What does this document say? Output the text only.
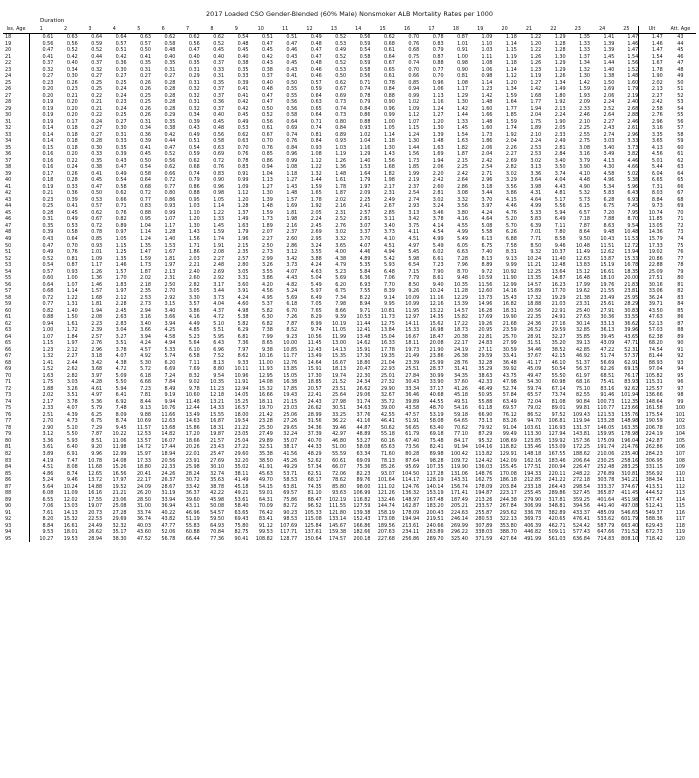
2017 Loaded CSO Gender-Blended (60% Male) Nonsmoker ALB Mortality Rates per 1000
Duration
Iss. Age	1	2	3	4	5	6	7	8	9	10	11	12	13	14	15	16	17	18	19	20	21	22	23	24	25	Ult	Att. Age
18	0.61	0.63	0.64	0.64	0.63	0.62	0.62	0.62	0.54	0.51	0.51	0.49	0.52	0.56	0.62	0.70	0.78	0.87	1.09	1.18	1.22	1.29	1.35	1.41	1.47	1.47	43
19	0.56	0.56	0.59	0.57	0.57	0.58	0.56	0.52	0.48	0.47	0.47	0.48	0.53	0.59	0.68	0.76	0.83	1.01	1.10	1.14	1.20	1.28	1.33	1.39	1.46	1.46	44
20	0.47	0.52	0.52	0.51	0.50	0.48	0.47	0.45	0.45	0.45	0.46	0.47	0.49	0.54	0.61	0.68	0.79	0.91	1.03	1.15	1.22	1.28	1.33	1.39	1.47	1.47	45
21	0.41	0.42	0.44	0.42	0.41	0.40	0.40	0.40	0.40	0.42	0.43	0.47	0.52	0.58	0.64	0.75	0.87	1.00	1.11	1.19	1.26	1.30	1.37	1.45	1.54	1.54	46
22	0.37	0.40	0.37	0.36	0.35	0.35	0.35	0.37	0.38	0.43	0.45	0.48	0.52	0.59	0.67	0.74	0.88	0.98	1.08	1.18	1.26	1.29	1.34	1.44	1.56	1.67	47
23	0.32	0.34	0.32	0.30	0.31	0.31	0.31	0.33	0.35	0.38	0.43	0.46	0.53	0.58	0.65	0.70	0.77	0.90	1.06	1.14	1.23	1.29	1.32	1.40	1.52	1.78	48
24	0.27	0.30	0.27	0.27	0.27	0.27	0.29	0.31	0.33	0.37	0.41	0.46	0.50	0.56	0.61	0.66	0.70	0.81	0.98	1.12	1.19	1.26	1.30	1.38	1.48	1.90	49
25	0.23	0.26	0.25	0.25	0.26	0.28	0.31	0.35	0.39	0.40	0.50	0.57	0.62	0.71	0.78	0.85	0.96	1.08	1.14	1.20	1.27	1.34	1.42	1.50	1.60	2.02	50
26	0.20	0.23	0.25	0.24	0.26	0.28	0.32	0.37	0.41	0.48	0.55	0.59	0.67	0.74	0.84	0.94	1.06	1.17	1.23	1.34	1.42	1.49	1.59	1.69	1.79	2.13	51
27	0.20	0.21	0.22	0.24	0.25	0.28	0.32	0.37	0.41	0.47	0.55	0.64	0.69	0.78	0.88	0.99	1.13	1.29	1.42	1.59	1.68	1.80	1.93	2.06	2.19	2.27	52
28	0.19	0.20	0.21	0.23	0.25	0.28	0.31	0.36	0.42	0.47	0.56	0.63	0.73	0.79	0.90	1.02	1.16	1.30	1.48	1.64	1.77	1.92	2.09	2.24	2.40	2.42	53
29	0.19	0.20	0.21	0.24	0.26	0.28	0.32	0.37	0.42	0.50	0.56	0.65	0.74	0.84	0.96	1.09	1.24	1.42	1.60	1.77	1.94	2.13	2.33	2.52	2.68	2.58	54
30	0.19	0.20	0.22	0.25	0.26	0.29	0.34	0.40	0.45	0.52	0.58	0.64	0.73	0.86	0.99	1.12	1.27	1.44	1.66	1.85	2.04	2.24	2.46	2.64	2.88	2.76	55
31	0.19	0.17	0.24	0.27	0.31	0.35	0.39	0.45	0.49	0.56	0.64	0.71	0.80	0.88	1.00	1.07	1.20	1.33	1.48	1.59	1.75	1.90	2.10	2.27	2.46	2.96	56
32	0.14	0.18	0.27	0.30	0.34	0.38	0.43	0.48	0.53	0.61	0.69	0.74	0.84	0.93	1.05	1.15	1.30	1.45	1.60	1.74	1.89	2.05	2.25	2.43	2.61	3.16	57
33	0.14	0.18	0.27	0.31	0.36	0.42	0.49	0.56	0.62	0.67	0.74	0.81	0.89	1.02	1.14	1.24	1.39	1.54	1.73	1.92	2.10	2.33	2.55	2.74	2.96	3.35	58
34	0.14	0.18	0.28	0.33	0.39	0.44	0.51	0.58	0.63	0.70	0.76	0.84	0.93	1.04	1.18	1.30	1.48	1.63	1.86	2.04	2.24	2.49	2.75	3.03	3.33	3.65	59
35	0.15	0.18	0.30	0.35	0.41	0.47	0.54	0.63	0.70	0.76	0.84	0.93	1.03	1.16	1.30	1.44	1.63	1.82	2.06	2.26	2.53	2.81	3.08	3.40	3.73	4.13	60
36	0.16	0.20	0.33	0.39	0.45	0.52	0.59	0.69	0.76	0.85	0.96	1.08	1.19	1.29	1.43	1.56	1.69	1.87	2.04	2.27	2.53	2.84	3.16	3.49	3.82	4.56	61
37	0.16	0.22	0.35	0.43	0.50	0.56	0.62	0.72	0.78	0.86	0.99	1.12	1.26	1.40	1.56	1.73	1.94	2.15	2.42	2.69	3.02	3.40	3.79	4.13	4.46	5.01	62
38	0.16	0.24	0.38	0.47	0.54	0.62	0.68	0.76	0.83	0.94	1.08	1.22	1.36	1.53	1.68	1.85	2.06	2.25	2.54	2.82	3.13	3.50	3.90	4.30	4.66	5.44	63
39	0.17	0.26	0.41	0.49	0.58	0.66	0.74	0.83	0.91	1.04	1.18	1.32	1.48	1.64	1.82	1.99	2.20	2.42	2.71	3.02	3.36	3.74	4.10	4.58	5.02	6.04	64
40	0.18	0.28	0.45	0.54	0.64	0.72	0.79	0.90	0.99	1.13	1.27	1.44	1.61	1.79	1.98	2.19	2.42	2.64	2.96	3.29	3.64	4.04	4.48	4.96	5.38	6.65	65
41	0.19	0.33	0.47	0.58	0.68	0.77	0.86	0.96	1.09	1.27	1.43	1.59	1.78	1.97	2.17	2.37	2.60	2.86	3.18	3.56	3.98	4.43	4.90	5.34	5.96	7.31	66
42	0.21	0.36	0.50	0.62	0.72	0.80	0.88	0.98	1.12	1.30	1.48	1.65	1.87	2.09	2.31	2.54	2.81	3.08	3.44	3.86	4.31	4.81	5.32	5.83	6.43	8.03	67
43	0.23	0.39	0.53	0.66	0.77	0.86	0.95	1.05	1.20	1.39	1.57	1.78	2.02	2.25	2.49	2.74	3.02	3.32	3.70	4.15	4.64	5.17	5.73	6.28	6.93	8.84	68
44	0.25	0.41	0.57	0.71	0.83	0.93	1.03	1.14	1.28	1.48	1.69	1.92	2.16	2.41	2.67	2.93	3.24	3.56	3.97	4.46	4.99	5.56	6.15	6.75	7.45	9.73	69
45	0.28	0.45	0.62	0.76	0.88	0.99	1.10	1.22	1.37	1.59	1.81	2.05	2.31	2.57	2.85	3.13	3.46	3.80	4.24	4.76	5.33	5.94	6.57	7.20	7.95	10.74	70
46	0.31	0.49	0.67	0.82	0.95	1.07	1.20	1.33	1.49	1.73	1.98	2.24	2.52	2.81	3.11	3.42	3.78	4.16	4.64	5.20	5.83	6.49	7.18	7.88	8.70	11.85	71
47	0.35	0.53	0.72	0.89	1.04	1.17	1.30	1.45	1.63	1.89	2.16	2.45	2.76	3.07	3.40	3.75	4.14	4.55	5.08	5.70	6.39	7.11	7.87	8.63	9.54	13.05	72
48	0.39	0.58	0.78	0.97	1.14	1.28	1.43	1.59	1.79	2.07	2.37	2.69	3.02	3.37	3.73	4.11	4.54	4.99	5.58	6.26	7.01	7.80	8.64	9.48	10.48	14.36	73
49	0.43	0.64	0.85	1.05	1.24	1.40	1.56	1.74	1.96	2.27	2.60	2.95	3.32	3.70	4.10	4.51	4.99	5.49	6.13	6.88	7.71	8.58	9.50	10.43	11.53	15.79	74
50	0.47	0.70	0.93	1.15	1.35	1.53	1.71	1.91	2.15	2.50	2.86	3.24	3.65	4.07	4.51	4.97	5.49	6.05	6.75	7.58	8.50	9.46	10.48	11.51	12.72	17.33	75
51	0.49	0.76	1.01	1.25	1.47	1.67	1.86	2.08	2.35	2.73	3.12	3.55	4.00	4.46	4.94	5.45	6.02	6.63	7.40	8.31	9.32	10.37	11.49	12.62	13.94	19.02	76
52	0.52	0.81	1.09	1.35	1.59	1.81	2.03	2.27	2.57	2.99	3.42	3.88	4.38	4.89	5.42	5.98	6.61	7.28	8.13	9.13	10.24	11.40	12.63	13.87	15.33	20.86	77
53	0.54	0.87	1.17	1.46	1.73	1.97	2.21	2.48	2.80	3.26	3.73	4.24	4.79	5.35	5.93	6.54	7.23	7.96	8.89	9.99	11.21	12.48	13.83	15.19	16.78	22.88	78
54	0.57	0.93	1.26	1.57	1.87	2.13	2.40	2.69	3.05	3.55	4.07	4.63	5.23	5.84	6.48	7.15	7.90	8.70	9.72	10.92	12.25	13.64	15.12	16.61	18.35	25.09	79
55	0.60	1.00	1.36	1.70	2.02	2.31	2.60	2.92	3.31	3.86	4.43	5.04	5.69	6.36	7.06	7.79	8.61	9.48	10.59	11.90	13.35	14.87	16.48	18.10	20.00	27.51	80
56	0.64	1.07	1.46	1.83	2.18	2.50	2.82	3.17	3.60	4.20	4.82	5.49	6.20	6.93	7.70	8.50	9.40	10.35	11.56	12.99	14.57	16.23	17.99	19.76	21.83	30.16	81
57	0.68	1.14	1.57	1.97	2.35	2.70	3.05	3.44	3.91	4.56	5.24	5.97	6.75	7.55	8.39	9.26	10.24	11.28	12.60	14.16	15.89	17.70	19.62	21.55	23.81	33.06	82
58	0.72	1.22	1.68	2.12	2.53	2.92	3.30	3.73	4.24	4.95	5.69	6.49	7.34	8.22	9.14	10.09	11.16	12.29	13.73	15.43	17.32	19.29	21.38	23.49	25.95	36.24	83
59	0.77	1.31	1.81	2.28	2.73	3.15	3.57	4.04	4.60	5.37	6.18	7.05	7.98	8.94	9.95	10.99	12.16	13.39	14.96	16.82	18.88	21.03	23.31	25.61	28.29	39.71	84
60	0.82	1.40	1.94	2.45	2.94	3.40	3.86	4.37	4.98	5.82	6.70	7.65	8.66	9.71	10.81	11.95	13.22	14.57	16.28	18.31	20.56	22.91	25.40	27.91	30.83	43.50	85
61	0.88	1.50	2.08	2.63	3.16	3.66	4.16	4.72	5.38	6.30	7.26	8.29	9.39	10.53	11.73	12.97	14.35	15.82	17.69	19.90	22.35	24.91	27.63	30.36	33.55	47.63	86
62	0.94	1.61	2.23	2.83	3.40	3.94	4.49	5.10	5.82	6.82	7.87	8.99	10.19	11.44	12.75	14.11	15.62	17.22	19.26	21.68	24.36	27.16	30.14	33.13	36.62	52.13	87
63	1.00	1.72	2.39	3.04	3.66	4.25	4.85	5.51	6.29	7.38	8.52	9.74	11.05	12.41	13.84	15.33	16.98	18.73	20.95	23.59	26.52	29.59	32.85	36.13	39.96	57.03	88
64	1.07	1.84	2.57	3.27	3.94	4.58	5.23	5.95	6.81	7.99	9.23	10.56	11.99	13.48	15.04	16.67	18.47	20.38	22.81	25.70	28.91	32.27	35.85	39.45	43.65	62.38	89
65	1.15	1.97	2.76	3.51	4.24	4.94	5.64	6.43	7.36	8.65	10.00	11.45	13.00	14.62	16.33	18.11	20.08	22.17	24.83	27.99	31.51	35.20	39.13	43.09	47.71	68.20	90
66	1.23	2.12	2.96	3.78	4.57	5.33	6.10	6.96	7.97	9.38	10.85	12.43	14.13	15.91	17.78	19.73	21.90	24.19	27.11	30.59	34.46	38.52	42.85	47.22	52.31	74.54	91
67	1.32	2.27	3.18	4.07	4.92	5.74	6.58	7.52	8.62	10.16	11.77	13.49	15.35	17.30	19.35	21.49	23.86	26.38	29.59	33.41	37.67	42.15	46.92	51.74	57.37	81.44	92
68	1.41	2.44	3.42	4.38	5.30	6.20	7.11	8.13	9.33	11.00	12.76	14.64	16.67	18.80	21.04	23.39	25.99	28.76	32.28	36.48	41.17	46.10	51.37	56.69	62.91	88.93	93
69	1.52	2.62	3.68	4.72	5.72	6.69	7.69	8.80	10.11	11.93	13.85	15.91	18.13	20.47	22.93	25.51	28.37	31.41	35.29	39.92	45.09	50.54	56.37	62.26	69.15	97.04	94
70	1.63	2.82	3.97	5.09	6.18	7.24	8.32	9.54	10.96	12.95	15.05	17.30	19.74	22.30	25.01	27.84	30.99	34.35	38.63	43.75	49.47	55.50	61.97	68.51	76.17	105.82	95
71	1.75	3.03	4.28	5.50	6.68	7.84	9.02	10.35	11.91	14.08	16.38	18.85	21.52	24.34	27.32	30.43	33.90	37.60	42.33	47.98	54.30	60.98	68.16	75.41	83.93	115.31	96
72	1.88	3.26	4.61	5.94	7.23	8.49	9.78	11.23	12.94	15.32	17.85	20.57	23.51	26.62	29.90	33.34	37.17	41.26	46.49	52.74	59.74	67.14	75.10	83.16	92.62	125.57	97
73	2.02	3.51	4.97	6.41	7.81	9.19	10.60	12.18	14.05	16.66	19.43	22.41	25.64	29.06	32.67	36.46	40.68	45.18	50.95	57.84	65.57	73.74	82.55	91.46	101.94	136.66	98
74	2.17	3.78	5.36	6.92	8.44	9.94	11.48	13.21	15.25	18.11	21.15	24.43	27.98	31.74	35.72	39.89	44.55	49.51	55.88	63.49	72.04	81.08	90.84	100.73	112.35	148.64	99
75	2.33	4.07	5.79	7.48	9.13	10.76	12.44	14.33	16.57	19.70	23.03	26.62	30.51	34.63	39.00	43.58	48.70	54.16	61.18	69.57	79.02	89.01	99.81	110.77	123.66	161.58	100
76	2.51	4.39	6.25	8.09	9.88	11.66	13.49	15.55	18.00	21.42	25.06	28.99	33.25	37.76	42.55	47.57	53.19	59.18	66.90	76.12	86.52	97.52	109.43	121.53	135.76	175.54	101
77	2.70	4.73	6.75	8.74	10.69	12.63	14.63	16.87	19.54	23.28	27.26	31.56	36.22	41.16	46.41	51.91	58.08	64.65	73.13	83.26	94.70	106.81	119.94	133.28	148.98	190.59	102
78	2.90	5.10	7.29	9.45	11.57	13.68	15.86	18.31	21.22	25.30	29.65	34.36	39.46	44.87	50.62	56.65	63.40	70.62	79.92	91.04	103.61	116.93	131.37	146.05	163.35	206.78	103
79	3.12	5.50	7.87	10.22	12.53	14.82	17.20	19.87	23.05	27.49	32.24	37.39	42.97	48.89	55.18	61.79	69.18	77.10	87.29	99.49	113.30	127.94	143.81	159.95	178.98	224.19	104
80	3.36	5.93	8.51	11.06	13.57	16.07	18.66	21.57	25.04	29.89	35.07	40.70	46.80	53.27	60.16	67.40	75.48	84.17	95.32	108.69	123.85	139.92	157.36	175.09	196.04	242.87	105
81	3.61	6.40	9.20	11.98	14.72	17.44	20.26	23.43	27.22	32.51	38.17	44.33	51.00	58.08	65.63	73.56	82.41	91.94	104.16	118.82	135.46	153.09	172.25	191.74	214.76	262.86	106
82	3.89	6.91	9.96	12.99	15.97	18.94	22.01	25.47	29.60	35.38	41.56	48.29	55.59	63.34	71.60	80.28	89.98	100.42	113.82	129.91	148.18	167.55	188.62	210.06	235.40	284.23	107
83	4.19	7.47	10.78	14.08	17.33	20.56	23.91	27.69	32.20	38.50	45.26	52.62	60.61	69.09	78.13	87.64	98.28	109.72	124.42	142.09	162.16	183.46	206.64	230.25	258.16	306.95	108
84	4.51	8.08	11.68	15.26	18.80	22.33	25.98	30.10	35.02	41.91	49.29	57.34	66.07	75.36	85.26	95.69	107.35	119.90	136.03	155.45	177.51	200.94	226.47	252.48	283.25	331.15	109
85	4.86	8.74	12.65	16.56	20.41	24.26	28.24	32.74	38.11	45.63	53.71	62.51	72.06	82.23	93.07	104.50	117.28	131.06	148.76	170.08	194.33	220.11	248.22	276.89	310.81	356.92	110
86	5.24	9.46	13.72	17.97	22.17	26.37	30.72	35.63	41.49	49.70	58.53	68.17	78.62	89.76	101.64	114.17	128.19	143.31	162.75	186.18	212.85	241.22	272.18	303.78	341.21	384.34	111
87	5.64	10.24	14.88	19.52	24.09	28.67	33.42	38.78	45.18	54.15	63.81	74.35	85.80	98.00	111.02	124.76	140.14	156.74	178.09	203.84	233.18	264.43	298.54	333.37	374.67	413.51	112
88	6.08	11.09	16.16	21.21	26.20	31.19	36.37	42.22	49.21	59.01	69.57	81.10	93.63	106.99	121.26	136.32	153.19	171.41	194.87	223.17	255.45	289.86	327.45	365.87	411.45	444.52	113
89	6.55	12.02	17.55	23.06	28.50	33.94	39.60	45.98	53.61	64.31	75.86	88.47	102.19	116.82	132.46	148.97	167.48	187.49	213.26	244.38	279.90	317.81	359.25	401.64	451.98	477.47	114
90	7.06	13.03	19.07	25.08	31.00	36.94	43.11	50.08	58.40	70.09	82.72	96.52	111.55	127.59	144.74	162.87	183.20	205.21	233.57	267.84	306.99	348.81	394.56	441.40	497.08	512.41	115
91	7.61	14.13	20.73	27.28	33.74	40.22	46.96	54.57	63.65	76.42	90.23	105.33	121.80	139.38	158.19	178.09	200.43	224.63	255.87	293.62	336.78	382.89	433.37	485.09	546.65	549.37	116
92	8.20	15.32	22.53	29.69	36.74	43.82	51.19	59.50	69.43	83.41	98.53	115.08	133.14	152.43	173.08	194.94	219.51	246.14	280.53	322.13	369.73	420.65	476.41	533.62	601.79	588.36	117
93	8.84	16.61	24.49	32.32	40.03	47.77	55.83	64.93	75.80	91.12	107.69	125.84	145.67	166.86	189.56	213.61	240.66	269.99	307.89	353.80	406.39	462.71	524.42	587.79	663.40	629.43	118
94	9.53	18.01	26.62	35.17	43.60	52.06	60.88	70.84	82.75	99.53	117.71	137.61	159.38	182.66	207.63	234.11	263.89	296.22	338.03	388.70	446.82	509.11	577.43	647.66	731.52	672.73	119
95	10.27	19.53	28.94	38.30	47.52	56.78	66.44	77.36	90.41	108.82	128.77	150.64	174.57	200.18	227.68	256.86	289.70	325.40	371.59	427.64	491.99	561.03	636.84	714.83	808.10	718.42	120
